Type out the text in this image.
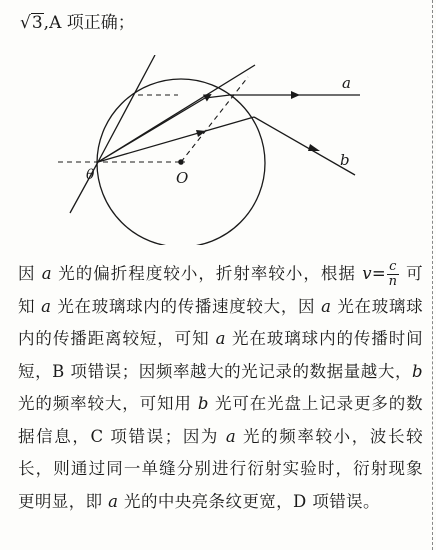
√3,A 项正确；
a
b
O
θ
因 a 光的偏折程度较小，折射率较小，根据 $v= \frac{c}{n}$ 可知 a 光在玻璃球内的传播速度较大，因 a 光在玻璃球内的传播距离较短，可知 a 光在玻璃球内的传播时间短，B 项错误；因频率越大的光记录的数据量越大，b 光的频率较大，可知用 b 光可在光盘上记录更多的数据信息，C 项错误；因为 a 光的频率较小，波长较长，则通过同一单缝分别进行衍射实验时，衍射现象更明显，即 a 光的中央亮条纹更宽，D 项错误。
